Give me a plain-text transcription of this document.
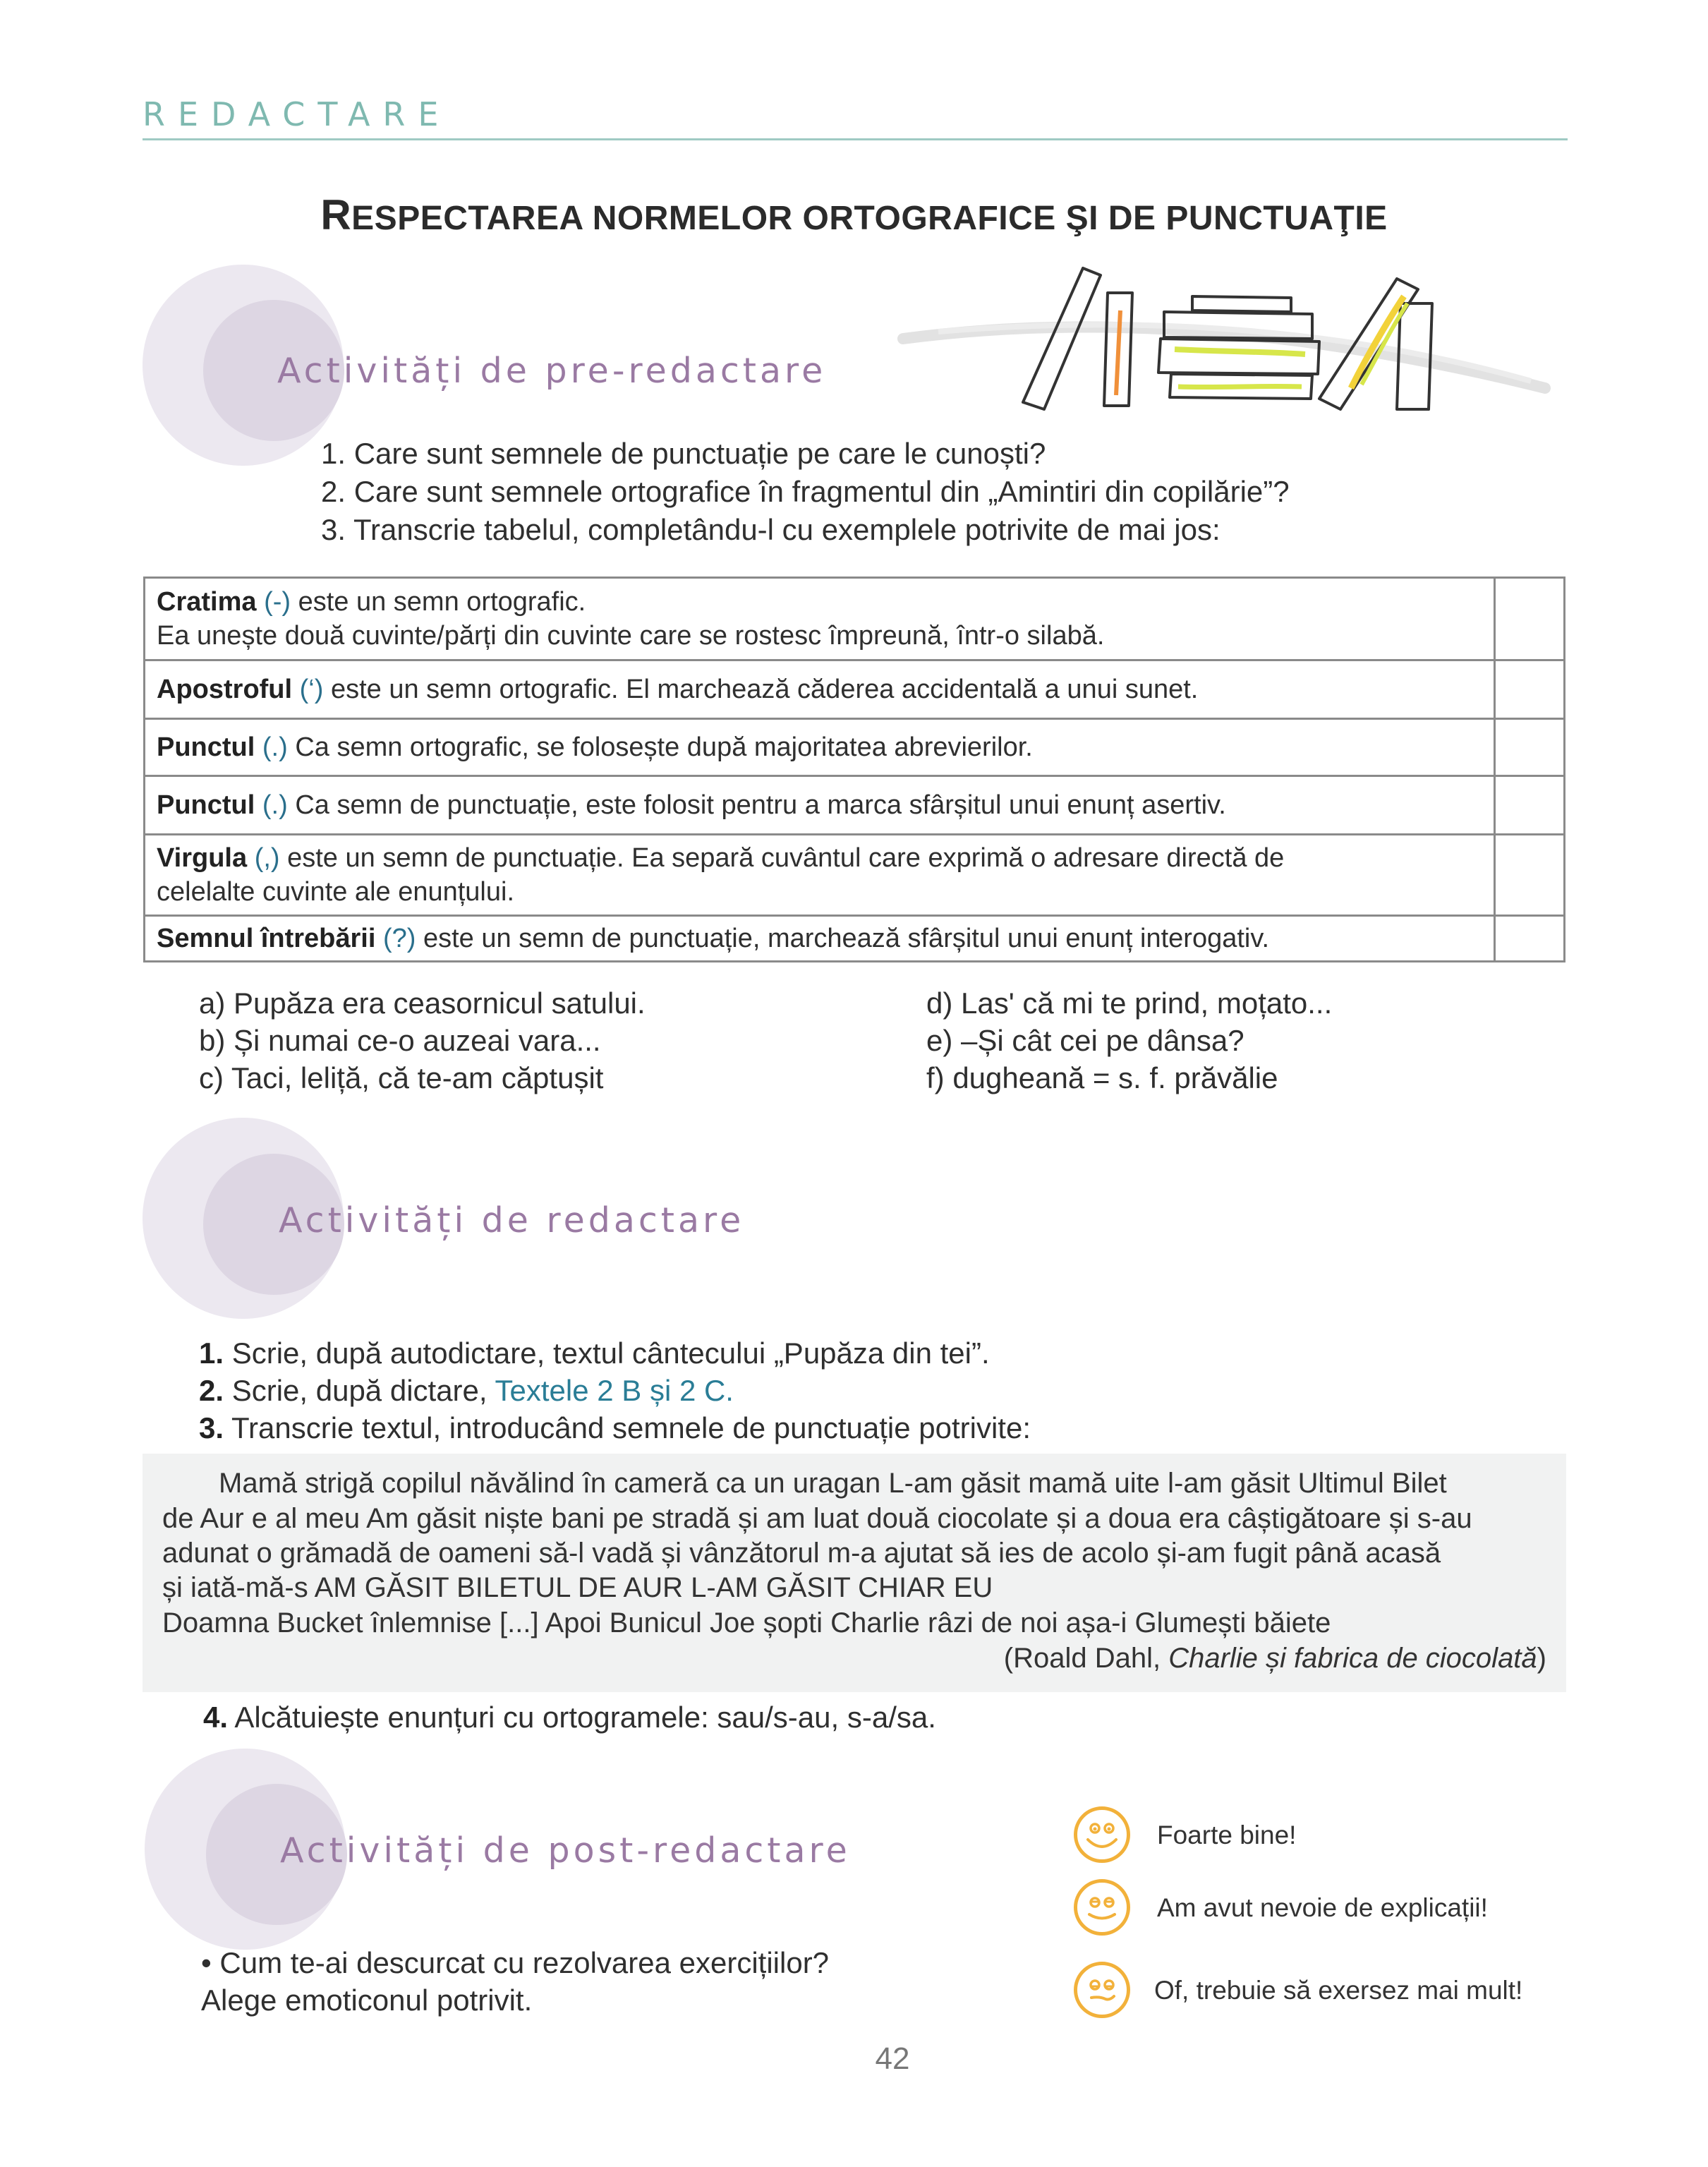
REDACTARE
RESPECTAREA NORMELOR ORTOGRAFICE ŞI DE PUNCTUAŢIE
Activități de pre-redactare
1. Care sunt semnele de punctuație pe care le cunoști?
2. Care sunt semnele ortografice în fragmentul din „Amintiri din copilărie”?
3. Transcrie tabelul, completându-l cu exemplele potrivite de mai jos:
Cratima (-) este un semn ortografic.
Ea unește două cuvinte/părți din cuvinte care se rostesc împreună, într-o silabă.	
Apostroful (‘) este un semn ortografic. El marchează căderea accidentală a unui sunet.	
Punctul (.) Ca semn ortografic, se folosește după majoritatea abrevierilor.	
Punctul (.) Ca semn de punctuație, este folosit pentru a marca sfârșitul unui enunț asertiv.	
Virgula (,) este un semn de punctuație. Ea separă cuvântul care exprimă o adresare directă de
celelalte cuvinte ale enunțului.	
Semnul întrebării (?) este un semn de punctuație, marchează sfârșitul unui enunț interogativ.	
a) Pupăza era ceasornicul satului.
b) Și numai ce-o auzeai vara...
c) Taci, leliță, că te-am căptușit
d) Las' că mi te prind, moțato...
e) –Și cât cei pe dânsa?
f) dugheană = s. f. prăvălie
Activități de redactare
1. Scrie, după autodictare, textul cântecului „Pupăza din tei”.
2. Scrie, după dictare, Textele 2 B și 2 C.
3. Transcrie textul, introducând semnele de punctuație potrivite:
Mamă strigă copilul năvălind în cameră ca un uragan L-am găsit mamă uite l-am găsit Ultimul Bilet
de Aur e al meu Am găsit niște bani pe stradă și am luat două ciocolate și a doua era câștigătoare și s-au
adunat o grămadă de oameni să-l vadă și vânzătorul m-a ajutat să ies de acolo și-am fugit până acasă
și iată-mă-s AM GĂSIT BILETUL DE AUR L-AM GĂSIT CHIAR EU
Doamna Bucket înlemnise [...] Apoi Bunicul Joe șopti Charlie râzi de noi așa-i Glumești băiete
(Roald Dahl, Charlie și fabrica de ciocolată)
4. Alcătuiește enunțuri cu ortogramele: sau/s-au, s-a/sa.
Activități de post-redactare
• Cum te-ai descurcat cu rezolvarea exercițiilor?
Alege emoticonul potrivit.
Foarte bine!
Am avut nevoie de explicații!
Of, trebuie să exersez mai mult!
42
